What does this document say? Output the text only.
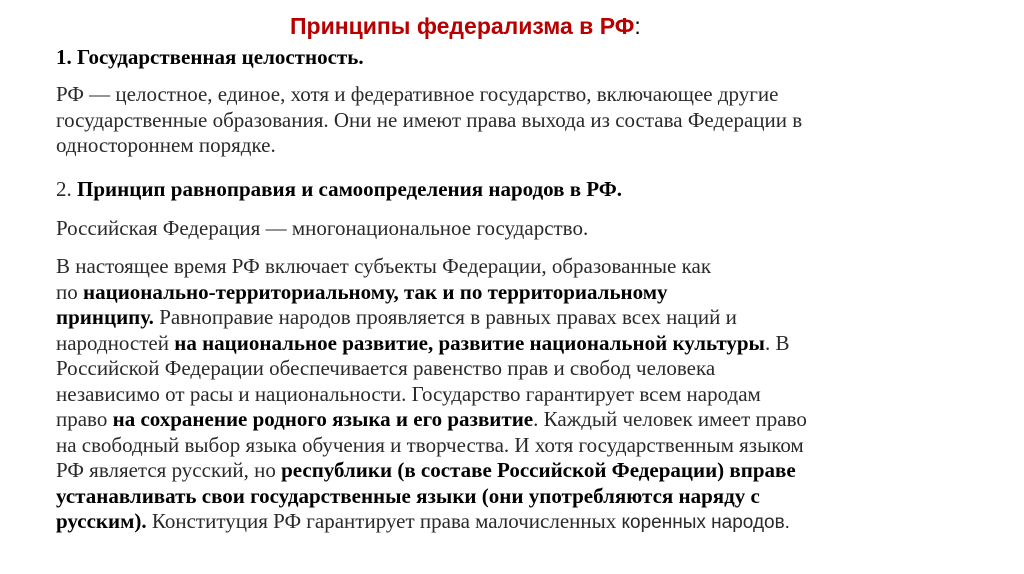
Принципы федерализма в РФ:

1. Государственная целостность.

РФ — целостное, единое, хотя и федеративное государство, включающее другие
государственные образования. Они не имеют права выхода из состава Федерации в
одностороннем порядке.

2. Принцип равноправия и самоопределения народов в РФ.

Российская Федерация — многонациональное государство.

В настоящее время РФ включает субъекты Федерации, образованные как
по национально-территориальному, так и по территориальному
принципу. Равноправие народов проявляется в равных правах всех наций и
народностей на национальное развитие, развитие национальной культуры. В
Российской Федерации обеспечивается равенство прав и свобод человека
независимо от расы и национальности. Государство гарантирует всем народам
право на сохранение родного языка и его развитие. Каждый человек имеет право
на свободный выбор языка обучения и творчества. И хотя государственным языком
РФ является русский, но республики (в составе Российской Федерации) вправе
устанавливать свои государственные языки (они употребляются наряду с
русским). Конституция РФ гарантирует права малочисленных коренных народов.
